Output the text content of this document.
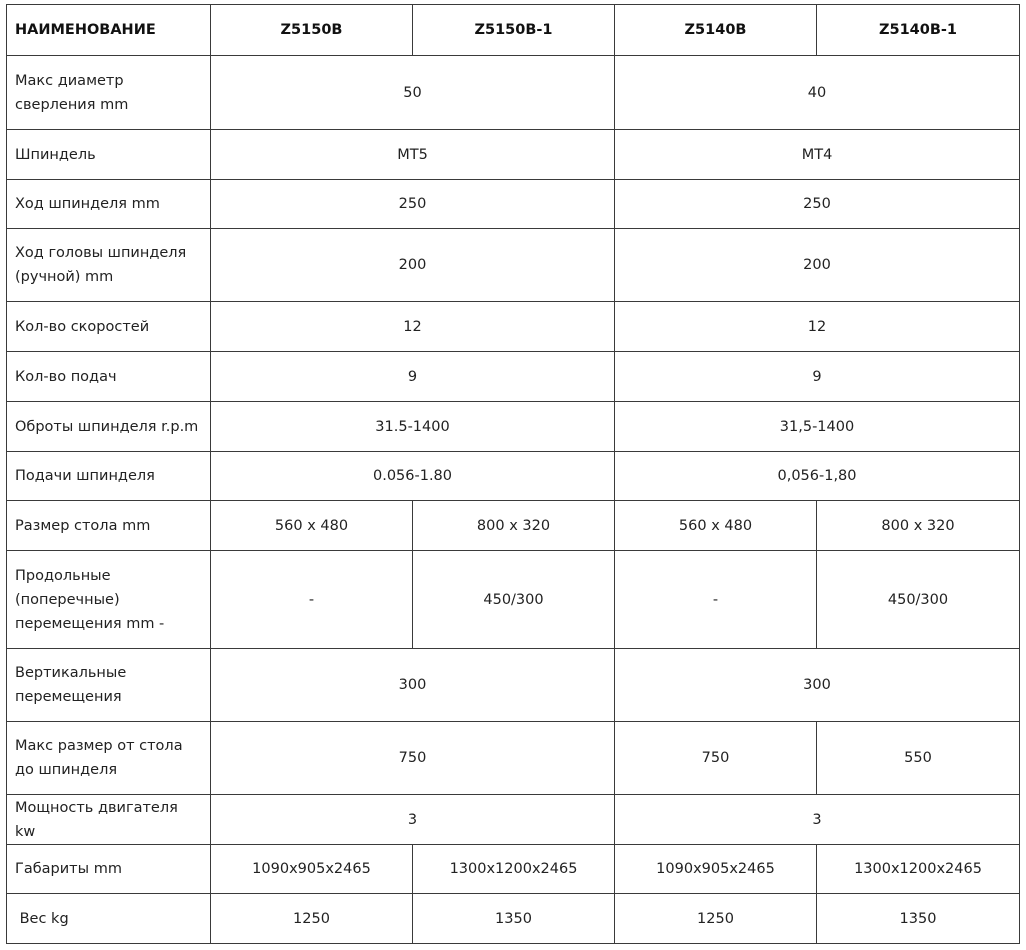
НАИМЕНОВАНИЕ	Z5150B	Z5150B-1	Z5140B	Z5140B-1
Макс диаметр сверления mm	50		40	
Шпиндель	MT5		MT4	
Ход шпинделя mm	250		250	
Ход головы шпинделя (ручной) mm	200		200	
Кол-во скоростей	12		12	
Кол-во подач	9		9	
Оброты шпинделя r.p.m	31.5-1400		31,5-1400	
Подачи шпинделя	0.056-1.80		0,056-1,80	
Размер стола mm	560 x 480	800 x 320	560 x 480	800 x 320
Продольные (поперечные) перемещения mm -	-	450/300	-	450/300
Вертикальные перемещения	300		300	
Макс размер от стола до шпинделя	750		750	550
Мощность двигателя kw	3		3	
Габариты mm	1090x905x2465	1300x1200x2465	1090x905x2465	1300x1200x2465
Вес kg	1250	1350	1250	1350
